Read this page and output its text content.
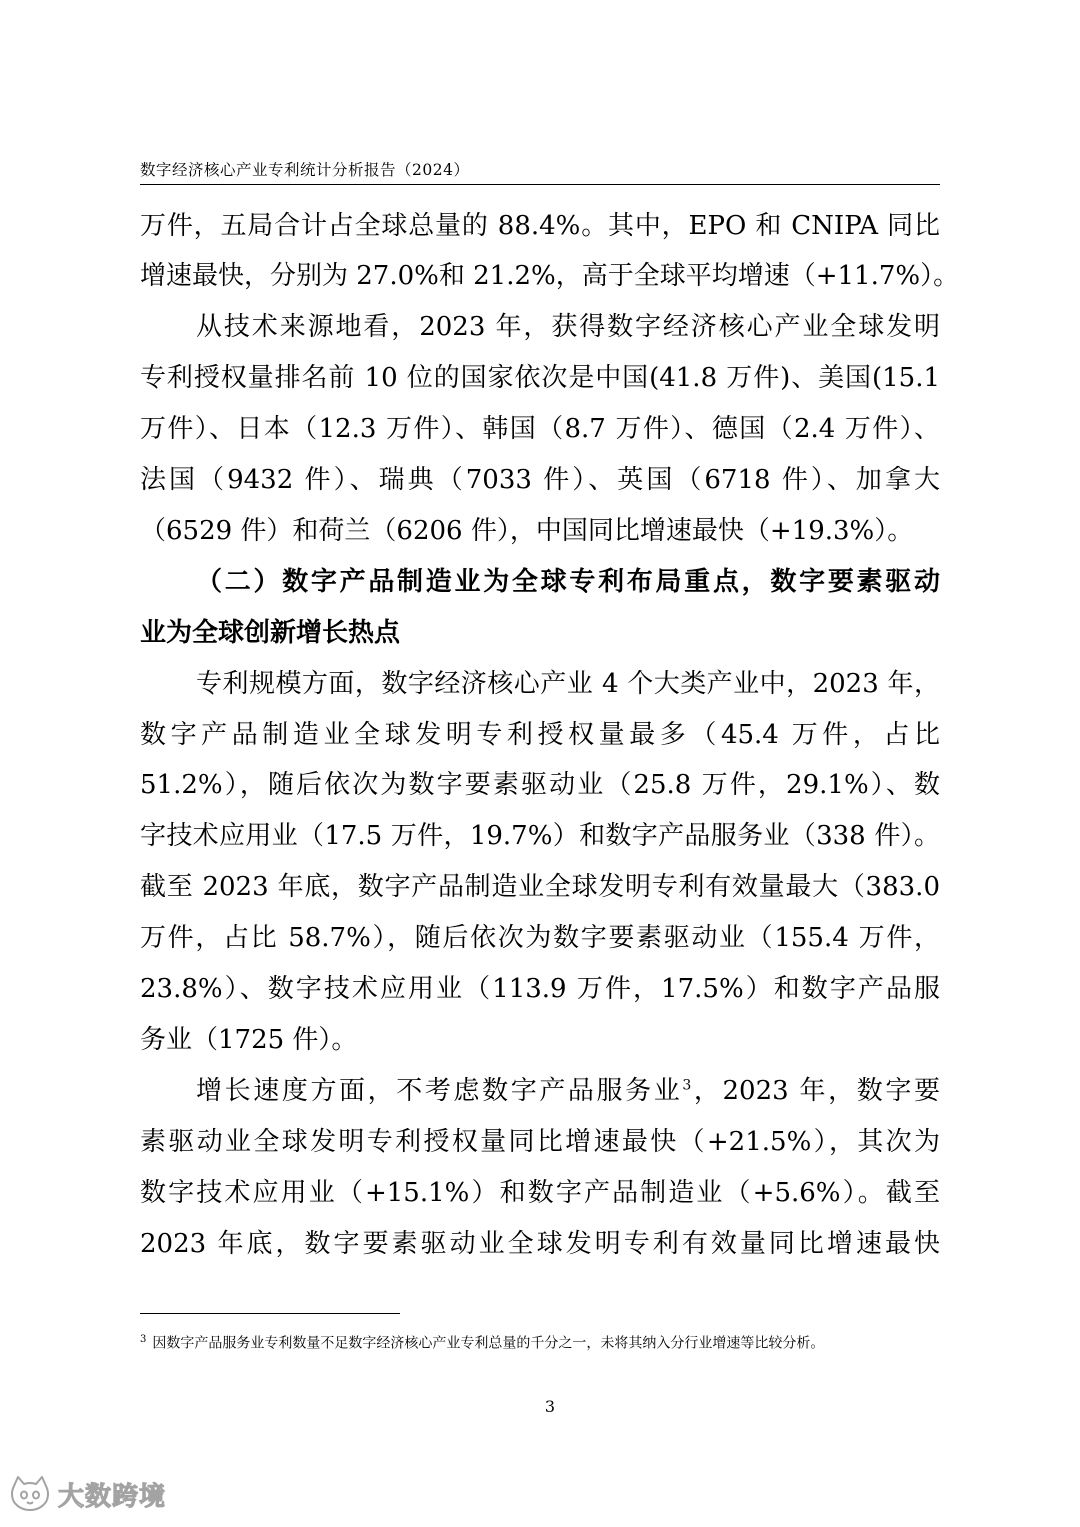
数字经济核心产业专利统计分析报告（2024）
万件，五局合计占全球总量的 88.4%。其中，EPO 和 CNIPA 同比
增速最快，分别为 27.0%和 21.2%，高于全球平均增速（+11.7%）。
从技术来源地看，2023 年，获得数字经济核心产业全球发明
专利授权量排名前 10 位的国家依次是中国(41.8 万件)、美国(15.1
万件）、日本（12.3 万件）、韩国（8.7 万件）、德国（2.4 万件）、
法国（9432 件）、瑞典（7033 件）、英国（6718 件）、加拿大
（6529 件）和荷兰（6206 件），中国同比增速最快（+19.3%）。
（二）数字产品制造业为全球专利布局重点，数字要素驱动
业为全球创新增长热点
专利规模方面，数字经济核心产业 4 个大类产业中，2023 年，
数字产品制造业全球发明专利授权量最多（45.4 万件，占比
51.2%），随后依次为数字要素驱动业（25.8 万件，29.1%）、数
字技术应用业（17.5 万件，19.7%）和数字产品服务业（338 件）。
截至 2023 年底，数字产品制造业全球发明专利有效量最大（383.0
万件，占比 58.7%），随后依次为数字要素驱动业（155.4 万件，
23.8%）、数字技术应用业（113.9 万件，17.5%）和数字产品服
务业（1725 件）。
增长速度方面，不考虑数字产品服务业$^3$，2023 年，数字要
素驱动业全球发明专利授权量同比增速最快（+21.5%），其次为
数字技术应用业（+15.1%）和数字产品制造业（+5.6%）。截至
2023 年底，数字要素驱动业全球发明专利有效量同比增速最快
$^3$ 因数字产品服务业专利数量不足数字经济核心产业专利总量的千分之一，未将其纳入分行业增速等比较分析。
3
大数跨境
